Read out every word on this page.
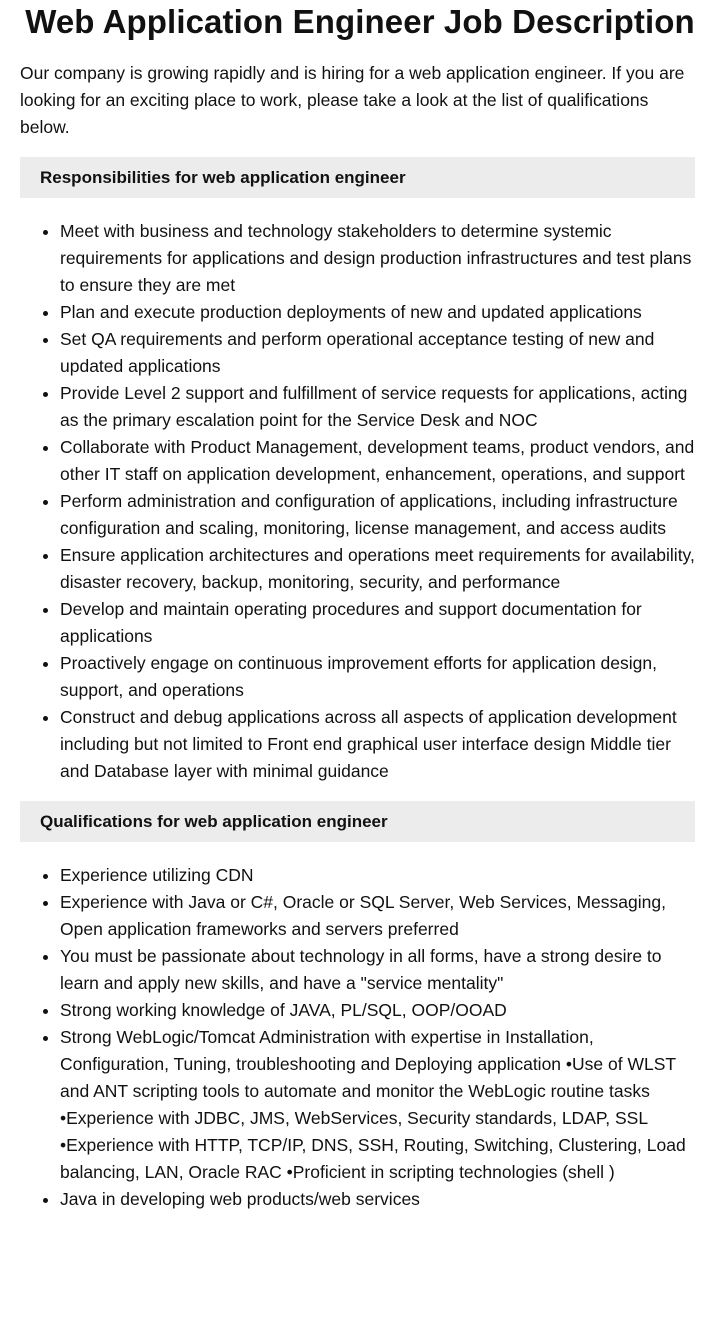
Web Application Engineer Job Description

Our company is growing rapidly and is hiring for a web application engineer. If you are looking for an exciting place to work, please take a look at the list of qualifications below.

Responsibilities for web application engineer
• Meet with business and technology stakeholders to determine systemic requirements for applications and design production infrastructures and test plans to ensure they are met
• Plan and execute production deployments of new and updated applications
• Set QA requirements and perform operational acceptance testing of new and updated applications
• Provide Level 2 support and fulfillment of service requests for applications, acting as the primary escalation point for the Service Desk and NOC
• Collaborate with Product Management, development teams, product vendors, and other IT staff on application development, enhancement, operations, and support
• Perform administration and configuration of applications, including infrastructure configuration and scaling, monitoring, license management, and access audits
• Ensure application architectures and operations meet requirements for availability, disaster recovery, backup, monitoring, security, and performance
• Develop and maintain operating procedures and support documentation for applications
• Proactively engage on continuous improvement efforts for application design, support, and operations
• Construct and debug applications across all aspects of application development including but not limited to Front end graphical user interface design Middle tier and Database layer with minimal guidance
Qualifications for web application engineer
• Experience utilizing CDN
• Experience with Java or C#, Oracle or SQL Server, Web Services, Messaging, Open application frameworks and servers preferred
• You must be passionate about technology in all forms, have a strong desire to learn and apply new skills, and have a "service mentality"
• Strong working knowledge of JAVA, PL/SQL, OOP/OOAD
• Strong WebLogic/Tomcat Administration with expertise in Installation, Configuration, Tuning, troubleshooting and Deploying application •Use of WLST and ANT scripting tools to automate and monitor the WebLogic routine tasks •Experience with JDBC, JMS, WebServices, Security standards, LDAP, SSL •Experience with HTTP, TCP/IP, DNS, SSH, Routing, Switching, Clustering, Load balancing, LAN, Oracle RAC •Proficient in scripting technologies (shell )
• Java in developing web products/web services
